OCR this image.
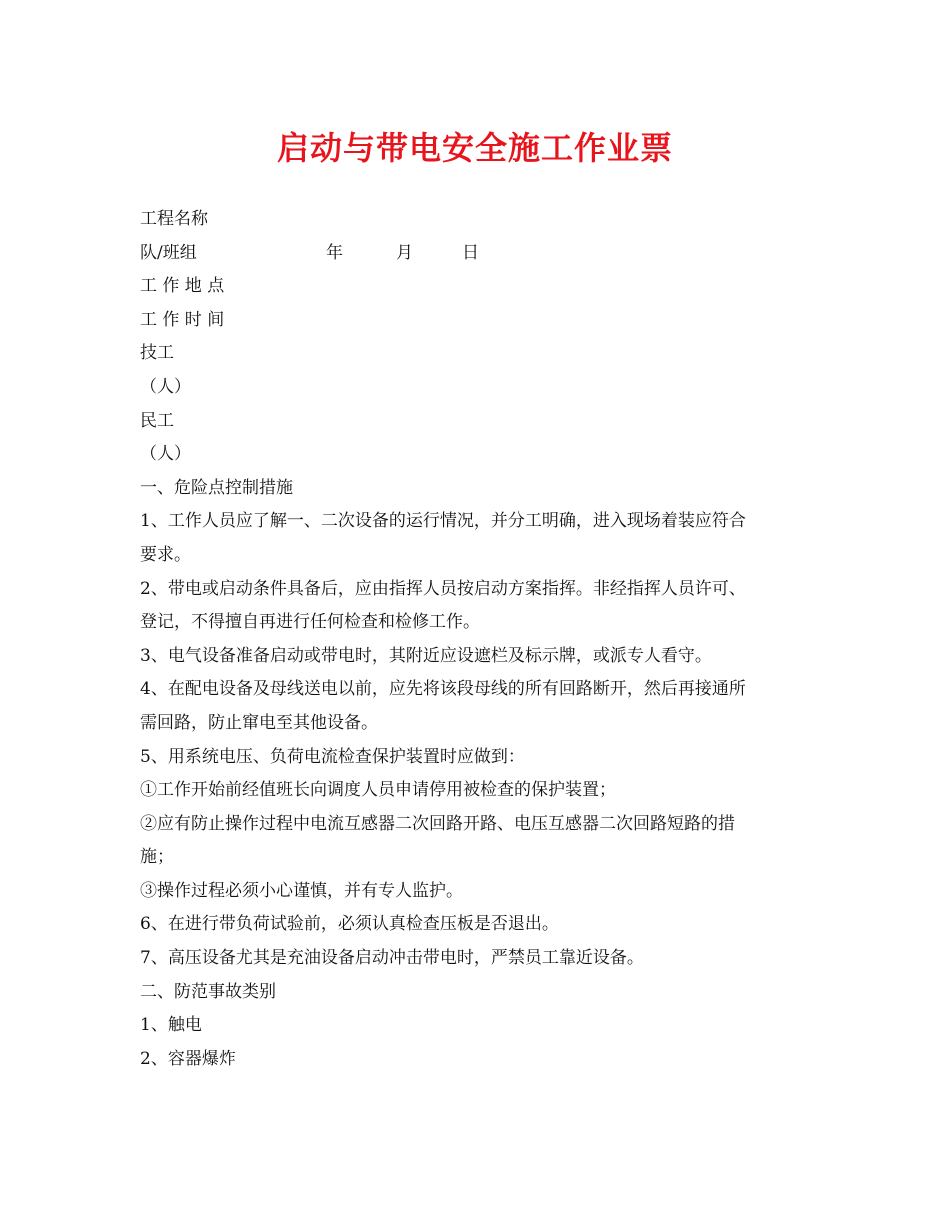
启动与带电安全施工作业票

工程名称

队/班组	年	月	日

工 作 地 点

工 作 时 间

技工

（人）

民工

（人）

一、危险点控制措施

1、工作人员应了解一、二次设备的运行情况，并分工明确，进入现场着装应符合

要求。

2、带电或启动条件具备后，应由指挥人员按启动方案指挥。非经指挥人员许可、

登记，不得擅自再进行任何检查和检修工作。

3、电气设备准备启动或带电时，其附近应设遮栏及标示牌，或派专人看守。

4、在配电设备及母线送电以前，应先将该段母线的所有回路断开，然后再接通所

需回路，防止窜电至其他设备。

5、用系统电压、负荷电流检查保护装置时应做到：

①工作开始前经值班长向调度人员申请停用被检查的保护装置；

②应有防止操作过程中电流互感器二次回路开路、电压互感器二次回路短路的措

施；

③操作过程必须小心谨慎，并有专人监护。

6、在进行带负荷试验前，必须认真检查压板是否退出。

7、高压设备尤其是充油设备启动冲击带电时，严禁员工靠近设备。

二、防范事故类别

1、触电

2、容器爆炸
